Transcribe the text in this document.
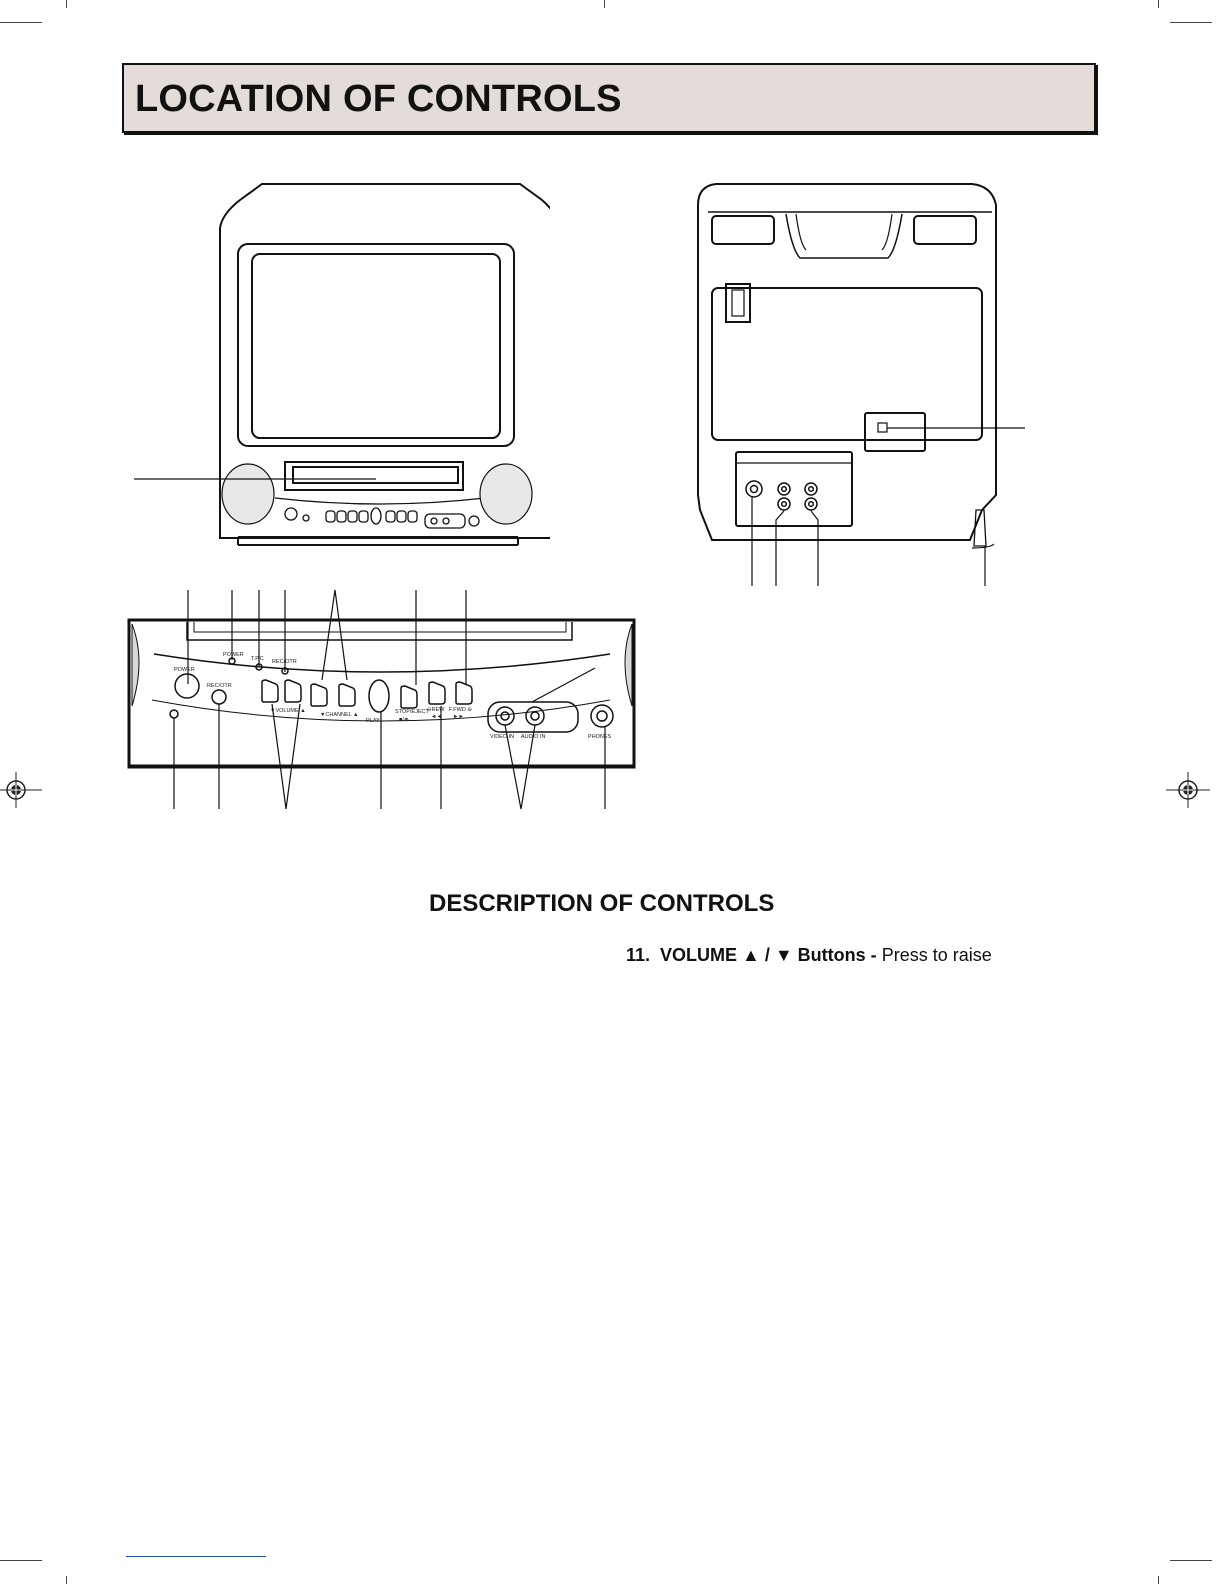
LOCATION OF CONTROLS
POWER
POWER
T.P.C REC/OTR
REC/OTR
▼VOLUME ▲
▼CHANNEL ▲
PLAY
STOP/EJECT
■/⏏
⊖REW
◄◄
F.FWD ⊖
►►
VIDEO IN AUDIO IN	PHONES
DESCRIPTION OF CONTROLS
11. VOLUME ▲ / ▼ Buttons - Press to raise
